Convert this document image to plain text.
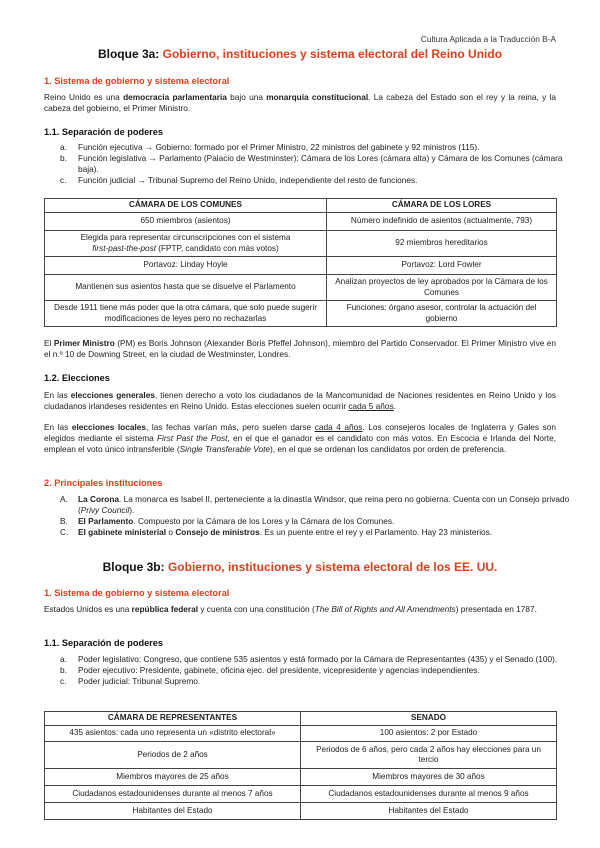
Cultura Aplicada a la Traducción B-A
Bloque 3a: Gobierno, instituciones y sistema electoral del Reino Unido
1. Sistema de gobierno y sistema electoral

Reino Unido es una democracia parlamentaria bajo una monarquía constitucional. La cabeza del Estado son el rey y la reina, y la cabeza del gobierno, el Primer Ministro.

1.1. Separación de poderes
a. Función ejecutiva → Gobierno: formado por el Primer Ministro, 22 ministros del gabinete y 92 ministros (115).
b. Función legislativa → Parlamento (Palacio de Westminster): Cámara de los Lores (cámara alta) y Cámara de los Comunes (cámara baja).
c. Función judicial → Tribunal Supremo del Reino Unido, independiente del resto de funciones.
CÁMARA DE LOS COMUNES	CÁMARA DE LOS LORES
650 miembros (asientos)	Número indefinido de asientos (actualmente, 793)
Elegida para representar circunscripciones con el sistema
first-past-the-post (FPTP, candidato con más votos)	92 miembros hereditarios
Portavoz: Linday Hoyle	Portavoz: Lord Fowler
Mantienen sus asientos hasta que se disuelve el Parlamento	Analizan proyectos de ley aprobados por la Cámara de los Comunes
Desde 1911 tiene más poder que la otra cámara, que solo puede sugerir modificaciones de leyes pero no rechazarlas	Funciones: órgano asesor, controlar la actuación del gobierno

El Primer Ministro (PM) es Boris Johnson (Alexander Boris Pfeffel Johnson), miembro del Partido Conservador. El Primer Ministro vive en el n.º 10 de Downing Street, en la ciudad de Westminster, Londres.

1.2. Elecciones

En las elecciones generales, tienen derecho a voto los ciudadanos de la Mancomunidad de Naciones residentes en Reino Unido y los ciudadanos irlandeses residentes en Reino Unido. Estas elecciones suelen ocurrir cada 5 años.

En las elecciones locales, las fechas varían más, pero suelen darse cada 4 años. Los consejeros locales de Inglaterra y Gales son elegidos mediante el sistema First Past the Post, en el que el ganador es el candidato con más votos. En Escocia e Irlanda del Norte, emplean el voto único intransferible (Single Transferable Vote), en el que se ordenan los candidatos por orden de preferencia.

2. Principales instituciones
A. La Corona. La monarca es Isabel II, perteneciente a la dinastía Windsor, que reina pero no gobierna. Cuenta con un Consejo privado (Privy Council).
B. El Parlamento. Compuesto por la Cámara de los Lores y la Cámara de los Comunes.
C. El gabinete ministerial o Consejo de ministros. Es un puente entre el rey y el Parlamento. Hay 23 ministerios.
Bloque 3b: Gobierno, instituciones y sistema electoral de los EE. UU.
1. Sistema de gobierno y sistema electoral

Estados Unidos es una república federal y cuenta con una constitución (The Bill of Rights and All Amendments) presentada en 1787.

1.1. Separación de poderes
a. Poder legislativo: Congreso, que contiene 535 asientos y está formado por la Cámara de Representantes (435) y el Senado (100).
b. Poder ejecutivo: Presidente, gabinete, oficina ejec. del presidente, vicepresidente y agencias independientes.
c. Poder judicial: Tribunal Supremo.
CÁMARA DE REPRESENTANTES	SENADO
435 asientos: cada uno representa un «distrito electoral»	100 asientos: 2 por Estado
Periodos de 2 años	Periodos de 6 años, pero cada 2 años hay elecciones para un tercio
Miembros mayores de 25 años	Miembros mayores de 30 años
Ciudadanos estadounidenses durante al menos 7 años	Ciudadanos estadounidenses durante al menos 9 años
Habitantes del Estado	Habitantes del Estado
